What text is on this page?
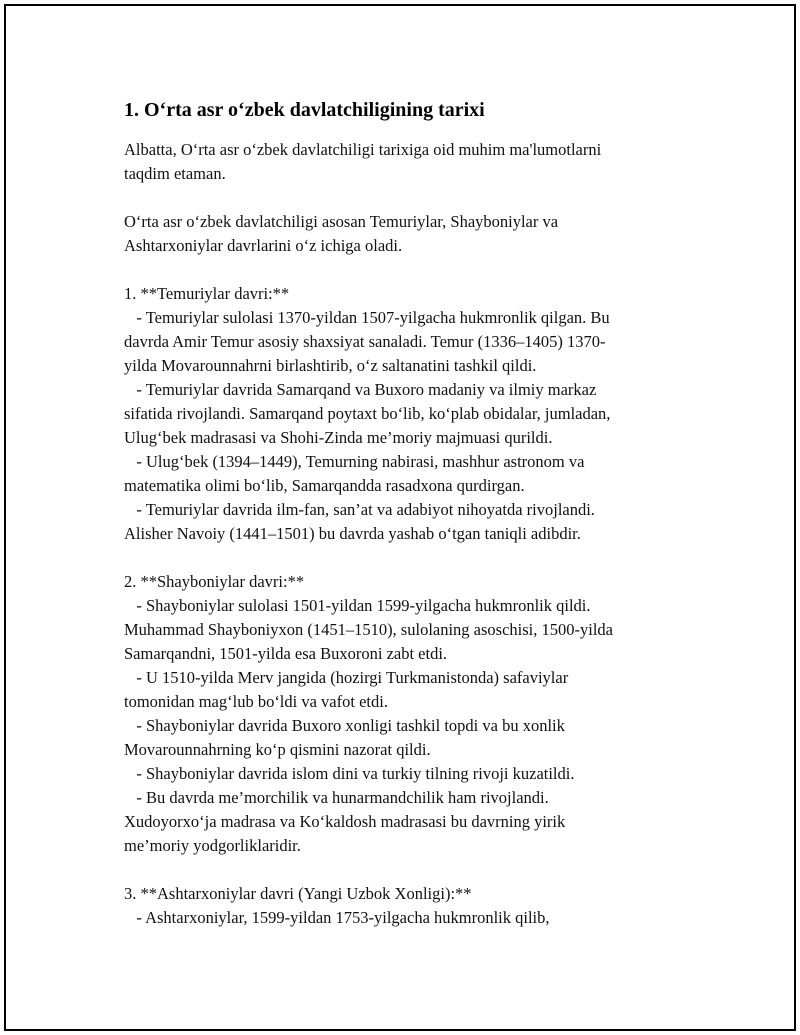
1. O‘rta asr o‘zbek davlatchiligining tarixi
Albatta, O‘rta asr o‘zbek davlatchiligi tarixiga oid muhim ma'lumotlarni
taqdim etaman.
O‘rta asr o‘zbek davlatchiligi asosan Temuriylar, Shayboniylar va
Ashtarxoniylar davrlarini o‘z ichiga oladi.
1. **Temuriylar davri:**
- Temuriylar sulolasi 1370-yildan 1507-yilgacha hukmronlik qilgan. Bu
davrda Amir Temur asosiy shaxsiyat sanaladi. Temur (1336–1405) 1370-
yilda Movarounnahrni birlashtirib, o‘z saltanatini tashkil qildi.
- Temuriylar davrida Samarqand va Buxoro madaniy va ilmiy markaz
sifatida rivojlandi. Samarqand poytaxt bo‘lib, ko‘plab obidalar, jumladan,
Ulug‘bek madrasasi va Shohi-Zinda me’moriy majmuasi qurildi.
- Ulug‘bek (1394–1449), Temurning nabirasi, mashhur astronom va
matematika olimi bo‘lib, Samarqandda rasadxona qurdirgan.
- Temuriylar davrida ilm-fan, san’at va adabiyot nihoyatda rivojlandi.
Alisher Navoiy (1441–1501) bu davrda yashab o‘tgan taniqli adibdir.
2. **Shayboniylar davri:**
- Shayboniylar sulolasi 1501-yildan 1599-yilgacha hukmronlik qildi.
Muhammad Shayboniyxon (1451–1510), sulolaning asoschisi, 1500-yilda
Samarqandni, 1501-yilda esa Buxoroni zabt etdi.
- U 1510-yilda Merv jangida (hozirgi Turkmanistonda) safaviylar
tomonidan mag‘lub bo‘ldi va vafot etdi.
- Shayboniylar davrida Buxoro xonligi tashkil topdi va bu xonlik
Movarounnahrning ko‘p qismini nazorat qildi.
- Shayboniylar davrida islom dini va turkiy tilning rivoji kuzatildi.
- Bu davrda me’morchilik va hunarmandchilik ham rivojlandi.
Xudoyorxo‘ja madrasa va Ko‘kaldosh madrasasi bu davrning yirik
me’moriy yodgorliklaridir.
3. **Ashtarxoniylar davri (Yangi Uzbok Xonligi):**
- Ashtarxoniylar, 1599-yildan 1753-yilgacha hukmronlik qilib,
